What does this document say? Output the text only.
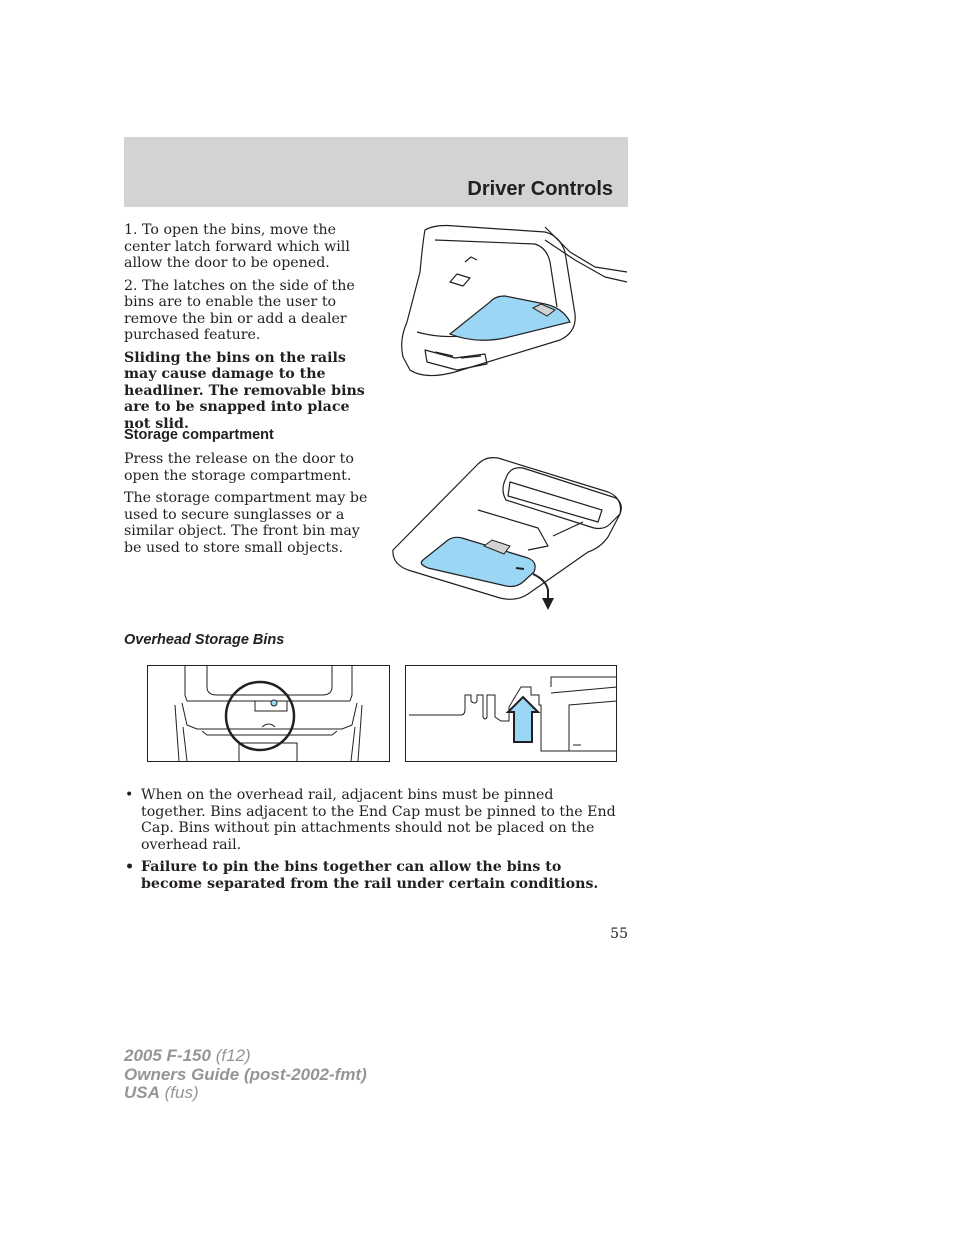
Driver Controls

1. To open the bins, move the center latch forward which will allow the door to be opened.

2. The latches on the side of the bins are to enable the user to remove the bin or add a dealer purchased feature.

Sliding the bins on the rails may cause damage to the headliner. The removable bins are to be snapped into place not slid.

Storage compartment

Press the release on the door to open the storage compartment.

The storage compartment may be used to secure sunglasses or a similar object. The front bin may be used to store small objects.

Overhead Storage Bins
• When on the overhead rail, adjacent bins must be pinned together. Bins adjacent to the End Cap must be pinned to the End Cap. Bins without pin attachments should not be placed on the overhead rail.
• Failure to pin the bins together can allow the bins to become separated from the rail under certain conditions.
55
2005 F-150 (f12)
Owners Guide (post-2002-fmt)
USA (fus)
